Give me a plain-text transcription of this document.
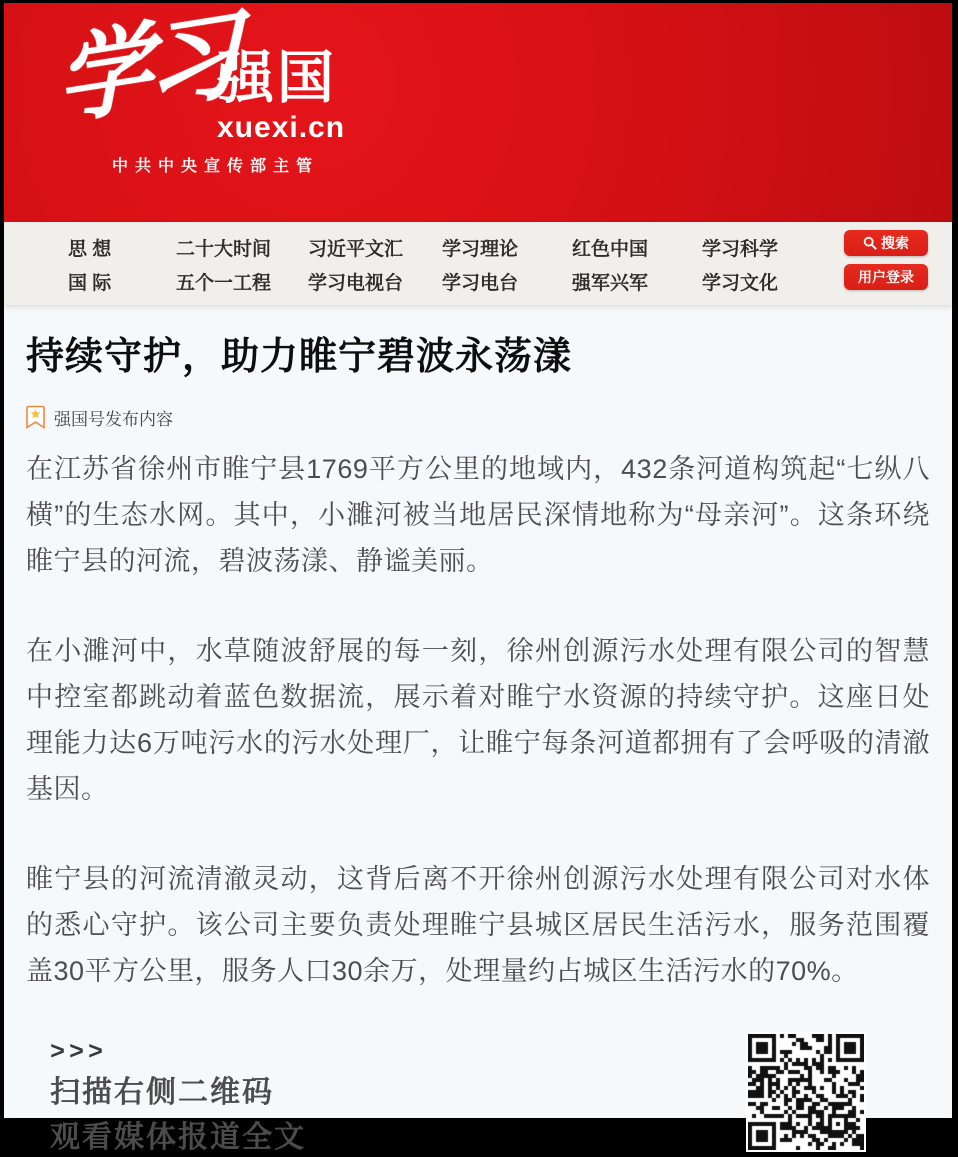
学习
强国
xuexi.cn
中共中央宣传部主管
思 想	二十大时间	习近平文汇	学习理论	红色中国	学习科学
国 际	五个一工程	学习电视台	学习电台	强军兴军	学习文化
搜索
用户登录
持续守护，助力睢宁碧波永荡漾
强国号发布内容

在江苏省徐州市睢宁县1769平方公里的地域内，432条河道构筑起“七纵八横”的生态水网。其中，小濉河被当地居民深情地称为“母亲河”。这条环绕睢宁县的河流，碧波荡漾、静谧美丽。

在小濉河中，水草随波舒展的每一刻，徐州创源污水处理有限公司的智慧中控室都跳动着蓝色数据流，展示着对睢宁水资源的持续守护。这座日处理能力达6万吨污水的污水处理厂，让睢宁每条河道都拥有了会呼吸的清澈基因。

睢宁县的河流清澈灵动，这背后离不开徐州创源污水处理有限公司对水体的悉心守护。该公司主要负责处理睢宁县城区居民生活污水，服务范围覆盖30平方公里，服务人口30余万，处理量约占城区生活污水的70%。

>>>
扫描右侧二维码
观看媒体报道全文
